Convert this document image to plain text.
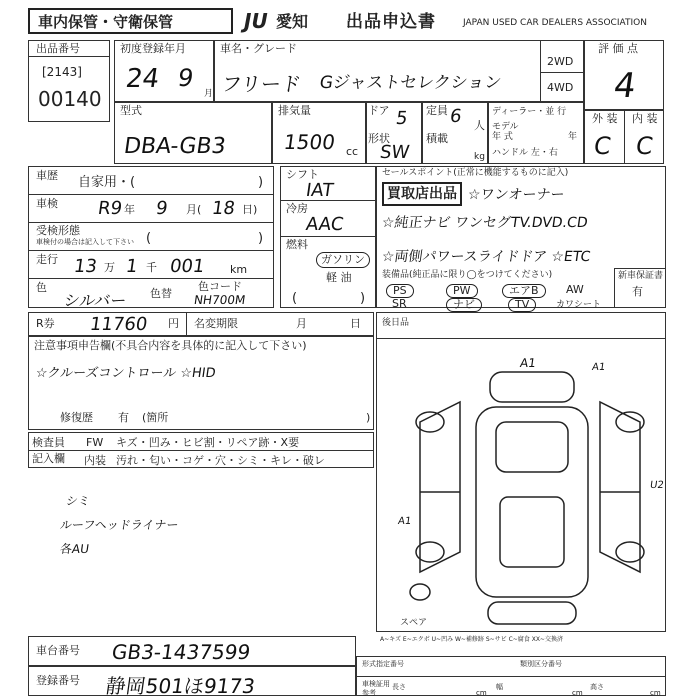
車内保管・守衛保管	JU 愛知 出品申込書	JAPAN USED CAR DEALERS ASSOCIATION
出品番号
[2143]
00140
初度登録年月
24 9
月
車名・グレード
フリード Gジャストセレクション
2WD
4WD
評 価 点
4
型式
DBA-GB3
排気量
1500 cc
ドア 5
形状
SW
定員 6 人
積載
kg
ディーラー・並 行
モデル
年 式	年
ハンドル 左・右
外 装 内 装
C C
車歴 自家用・(	)
車検 R9 年 9 月( 18 日)
受検形態
車検付の場合は記入して下さい (	)
走行 13 万 1 千 001 km
色
シルバー 色替
色コード
NH700M
シフト
IAT
冷房
AAC
燃料
ガソリン
軽 油
(	)
セールスポイント(正常に機能するものに記入)
買取店出品 ☆ワンオーナー
☆純正ナビ ワンセグTV.DVD.CD
☆両側パワースライドドア ☆ETC
装備品(純正品に限り◯をつけてください)
PS	PW	エアB	AW
SR	ナビ	TV	カワシート
新車保証書
有
R券 11760 円 名変期限	月	日
注意事項申告欄(不具合内容を具体的に記入して下さい)
☆クルーズコントロール ☆HID
修復歴 有 (箇所	)
検査員
記入欄
FW キズ・凹み・ヒビ割・リペア跡・X要
内装 汚れ・匂い・コゲ・穴・シミ・キレ・破レ
シミ
ルーフヘッドライナー
各AU
後日品
A1	A1
A1
U2
スペア
A~キズ E~エクボ U~凹み W~補修跡 S~サビ C~腐食 XX~交換済
車台番号 GB3-1437599
登録番号 静岡501ほ9173
形式指定番号	類別区分番号
車検証用
参考
長さ
cm
幅
cm
高さ
cm
